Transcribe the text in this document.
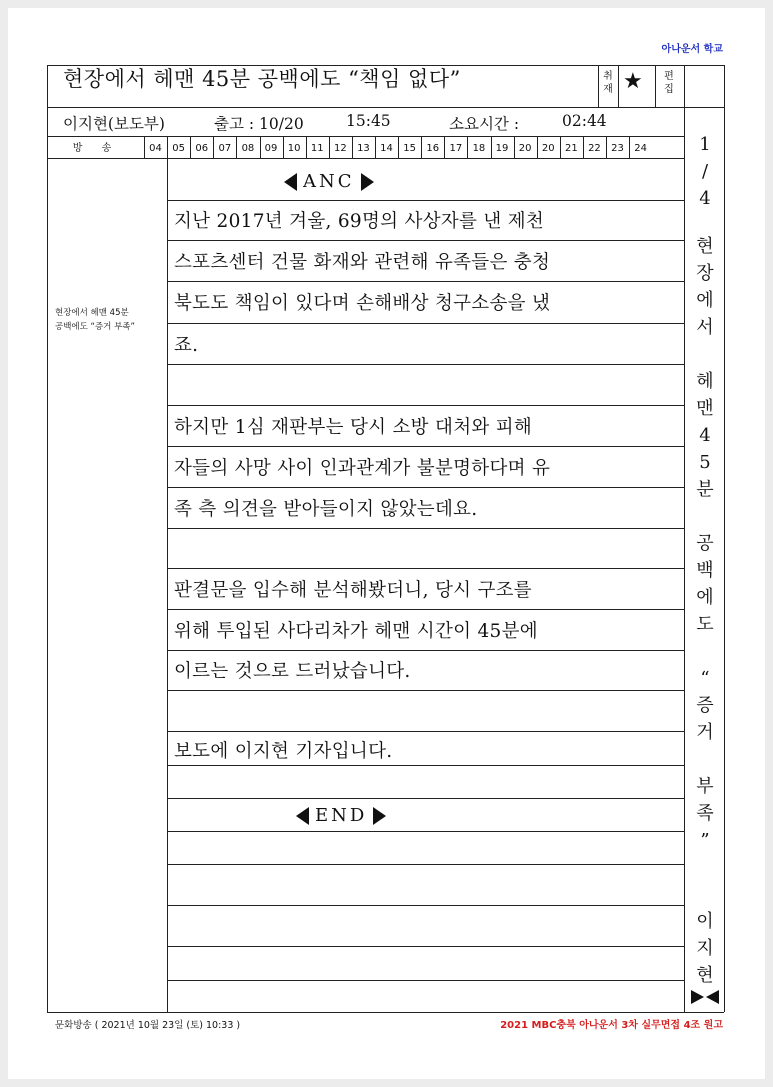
아나운서 학교
현장에서 헤맨 45분 공백에도 “책임 없다”	취재 ★ 편집
이지현(보도부)	출고 : 10/20	15:45	소요시간 :	02:44
방 송	04	05	06	07	08	09	10	11	12	13	14	15	16	17	18	19	20	20	21	22	23	24
현장에서 헤맨 45분
공백에도 “증거 부족”
ANC
지난 2017년 겨울, 69명의 사상자를 낸 제천
스포츠센터 건물 화재와 관련해 유족들은 충청
북도도 책임이 있다며 손해배상 청구소송을 냈
죠.
하지만 1심 재판부는 당시 소방 대처와 피해
자들의 사망 사이 인과관계가 불분명하다며 유
족 측 의견을 받아들이지 않았는데요.
판결문을 입수해 분석해봤더니, 당시 구조를
위해 투입된 사다리차가 헤맨 시간이 45분에
이르는 것으로 드러났습니다.
보도에 이지현 기자입니다.
END
1
/
4
현
장
에
서
헤
맨
4
5
분
공
백
에
도
“
증
거
부
족
”
이
지
현
문화방송 ( 2021년 10월 23일 (토) 10:33 )	2021 MBC충북 아나운서 3차 실무면접 4조 원고
